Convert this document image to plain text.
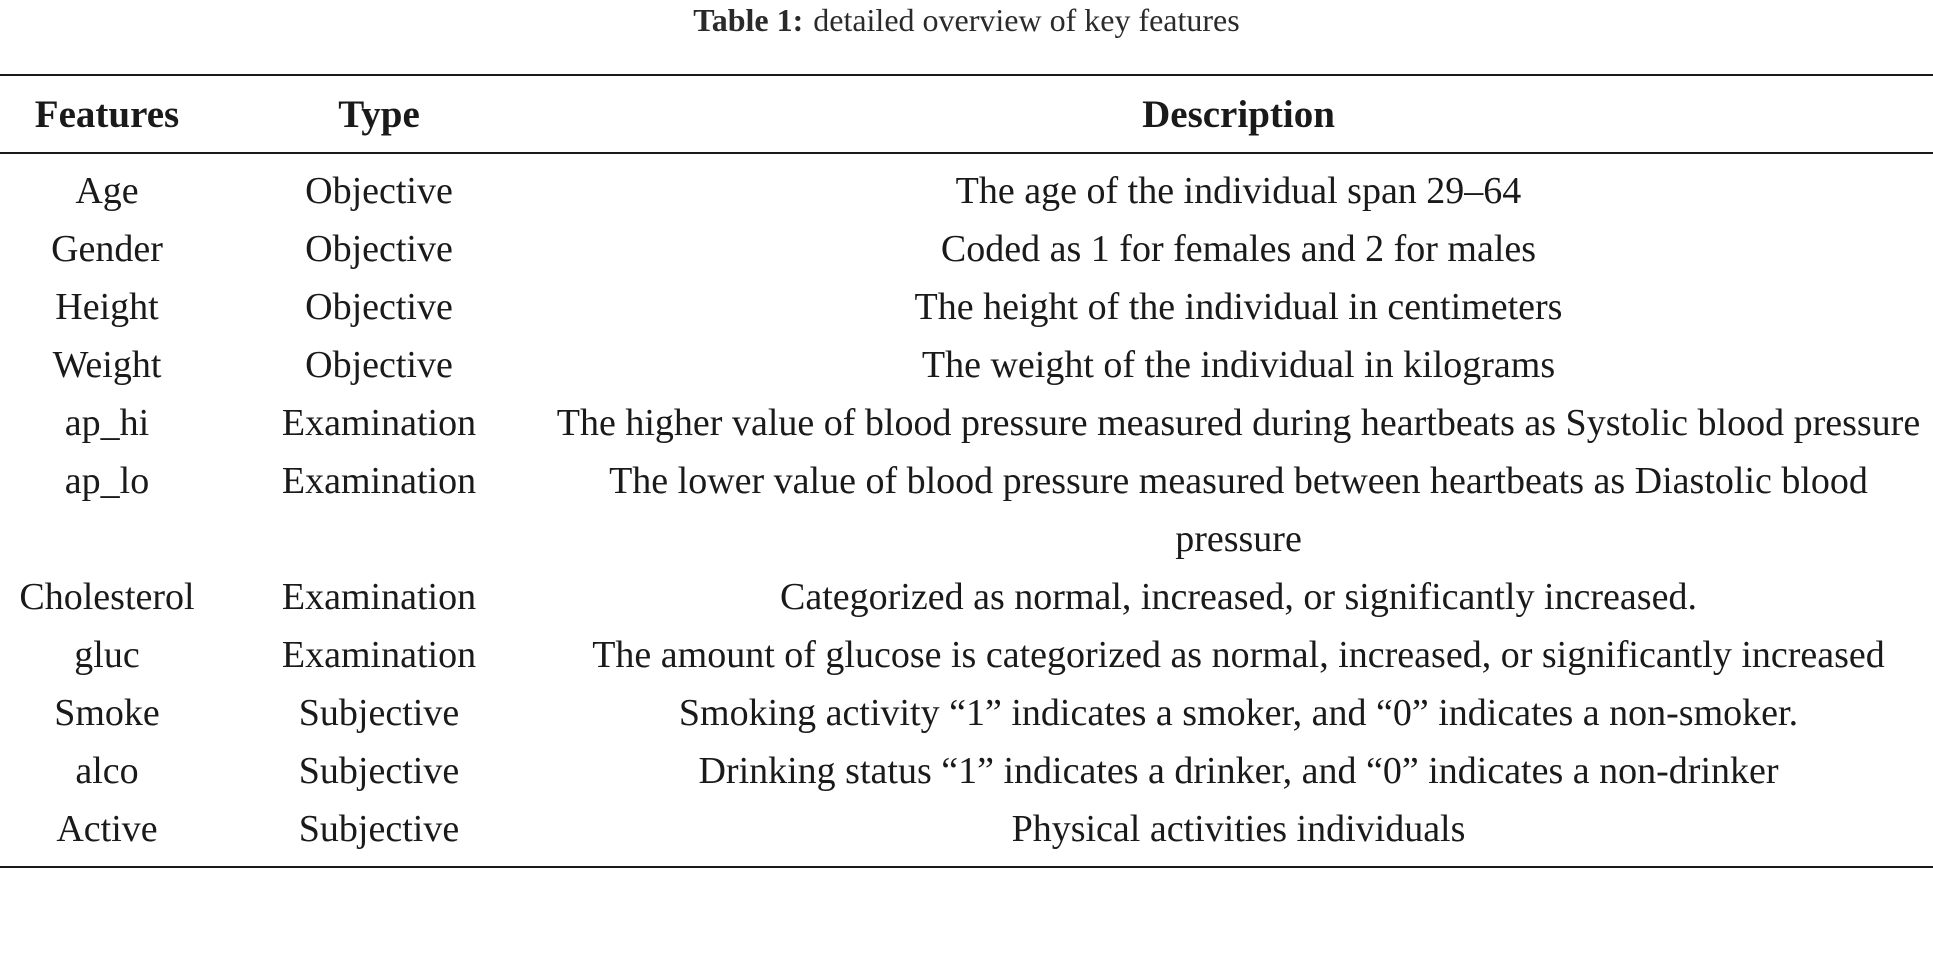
Table 1: detailed overview of key features
Features	Type	Description
Age	Objective	The age of the individual span 29–64
Gender	Objective	Coded as 1 for females and 2 for males
Height	Objective	The height of the individual in centimeters
Weight	Objective	The weight of the individual in kilograms
ap_hi	Examination	The higher value of blood pressure measured during heartbeats as Systolic blood pressure
ap_lo	Examination	The lower value of blood pressure measured between heartbeats as Diastolic blood pressure
Cholesterol	Examination	Categorized as normal, increased, or significantly increased.
gluc	Examination	The amount of glucose is categorized as normal, increased, or significantly increased
Smoke	Subjective	Smoking activity “1” indicates a smoker, and “0” indicates a non-smoker.
alco	Subjective	Drinking status “1” indicates a drinker, and “0” indicates a non-drinker
Active	Subjective	Physical activities individuals
